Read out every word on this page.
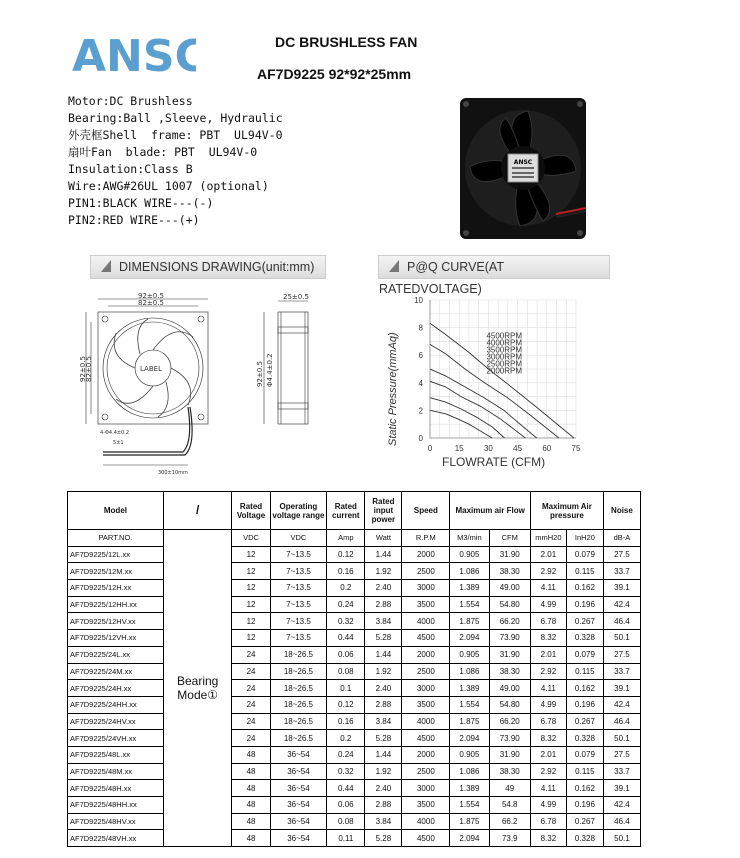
ANSC	DC BRUSHLESS FAN
AF7D9225 92*92*25mm
Motor:DC Brushless
Bearing:Ball ,Sleeve, Hydraulic
外壳框Shell  frame: PBT  UL94V-0
扇叶Fan  blade: PBT  UL94V-0
Insulation:Class B
Wire:AWG#26UL 1007 (optional)
PIN1:BLACK WIRE---(-)
PIN2:RED WIRE---(+)
ANSC
DIMENSIONS DRAWING(unit:mm)	P@Q CURVE(AT RATEDVOLTAGE)
92±0.5
82±0.5
92±0.5
82±0.5	LABEL
4-Φ4.4±0.2
5±1
300±10mm
25±0.5
Φ4.4±0.2
92±0.5	Static Pressure(mmAq)
FLOWRATE (CFM)
0	15	30	45	60	75
0
2
4
6
8
10
4500RPM
4000RPM
3500RPM
3000RPM
2500RPM
2000RPM
Model	/	Rated Voltage	Operating voltage range	Rated current	Rated input power	Speed	Maximum air Flow		Maximum Air pressure		Noise
PART.NO.	Bearing Mode①	VDC	VDC	Amp	Watt	R.P.M	M3/min	CFM	mmH20	InH20	dB-A
AF7D9225/12L.xx		12	7~13.5	0.12	1.44	2000	0.905	31.90	2.01	0.079	27.5
AF7D9225/12M.xx		12	7~13.5	0.16	1.92	2500	1.086	38.30	2.92	0.115	33.7
AF7D9225/12H.xx		12	7~13.5	0.2	2.40	3000	1.389	49.00	4.11	0.162	39.1
AF7D9225/12HH.xx		12	7~13.5	0.24	2.88	3500	1.554	54.80	4.99	0.196	42.4
AF7D9225/12HV.xx		12	7~13.5	0.32	3.84	4000	1.875	66.20	6.78	0.267	46.4
AF7D9225/12VH.xx		12	7~13.5	0.44	5.28	4500	2.094	73.90	8.32	0.328	50.1
AF7D9225/24L.xx		24	18~26.5	0.06	1.44	2000	0.905	31.90	2.01	0.079	27.5
AF7D9225/24M.xx		24	18~26.5	0.08	1.92	2500	1.086	38.30	2.92	0.115	33.7
AF7D9225/24H.xx		24	18~26.5	0.1	2.40	3000	1.389	49.00	4.11	0.162	39.1
AF7D9225/24HH.xx		24	18~26.5	0.12	2.88	3500	1.554	54.80	4.99	0.196	42.4
AF7D9225/24HV.xx		24	18~26.5	0.16	3.84	4000	1.875	66.20	6.78	0.267	46.4
AF7D9225/24VH.xx		24	18~26.5	0.2	5.28	4500	2.094	73.90	8.32	0.328	50.1
AF7D9225/48L.xx		48	36~54	0.24	1.44	2000	0.905	31.90	2.01	0.079	27.5
AF7D9225/48M.xx		48	36~54	0.32	1.92	2500	1.086	38.30	2.92	0.115	33.7
AF7D9225/48H.xx		48	36~54	0.44	2.40	3000	1.389	49	4.11	0.162	39.1
AF7D9225/48HH.xx		48	36~54	0.06	2.88	3500	1.554	54.8	4.99	0.196	42.4
AF7D9225/48HV.xx		48	36~54	0.08	3.84	4000	1.875	66.2	6.78	0.267	46.4
AF7D9225/48VH.xx		48	36~54	0.11	5.28	4500	2.094	73.9	8.32	0.328	50.1
